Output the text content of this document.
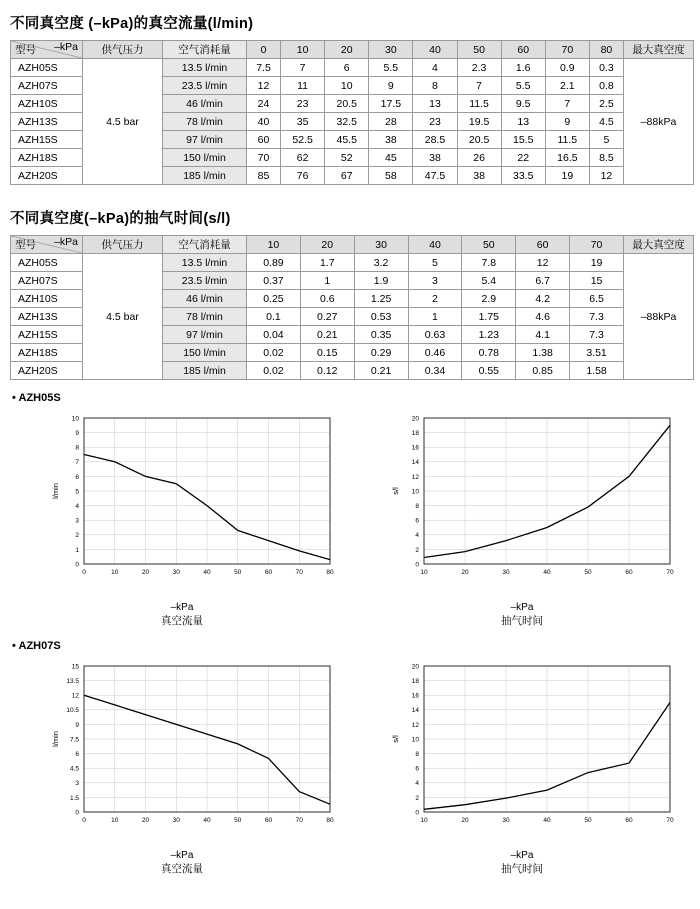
不同真空度 (–kPa)的真空流量(l/min)
型号 –kPa	供气压力	空气消耗量	0	10	20	30	40	50	60	70	80	最大真空度
AZH05S	4.5 bar	13.5 l/min	7.5	7	6	5.5	4	2.3	1.6	0.9	0.3	–88kPa
AZH07S		23.5 l/min	12	11	10	9	8	7	5.5	2.1	0.8	
AZH10S		46 l/min	24	23	20.5	17.5	13	11.5	9.5	7	2.5	
AZH13S		78 l/min	40	35	32.5	28	23	19.5	13	9	4.5	
AZH15S		97 l/min	60	52.5	45.5	38	28.5	20.5	15.5	11.5	5	
AZH18S		150 l/min	70	62	52	45	38	26	22	16.5	8.5	
AZH20S		185 l/min	85	76	67	58	47.5	38	33.5	19	12	
不同真空度(–kPa)的抽气时间(s/l)
型号 –kPa	供气压力	空气消耗量	10	20	30	40	50	60	70	最大真空度
AZH05S	4.5 bar	13.5 l/min	0.89	1.7	3.2	5	7.8	12	19	–88kPa
AZH07S		23.5 l/min	0.37	1	1.9	3	5.4	6.7	15	
AZH10S		46 l/min	0.25	0.6	1.25	2	2.9	4.2	6.5	
AZH13S		78 l/min	0.1	0.27	0.53	1	1.75	4.6	7.3	
AZH15S		97 l/min	0.04	0.21	0.35	0.63	1.23	4.1	7.3	
AZH18S		150 l/min	0.02	0.15	0.29	0.46	0.78	1.38	3.51	
AZH20S		185 l/min	0.02	0.12	0.21	0.34	0.55	0.85	1.58	
• AZH05S
0
1
2
3
4
5
6
7
8
9
10
0	10	20	30	40	50	60	70	80
l/min
–kPa
真空流量
0
2
4
6
8
10
12
14
16
18
20
10	20	30	40	50	60	70
s/l
–kPa
抽气时间
• AZH07S
0
1.5
3
4.5
6
7.5
9
10.5
12
13.5
15
0	10	20	30	40	50	60	70	80
l/min
–kPa
真空流量
0
2
4
6
8
10
12
14
16
18
20
10	20	30	40	50	60	70
s/l
–kPa
抽气时间
